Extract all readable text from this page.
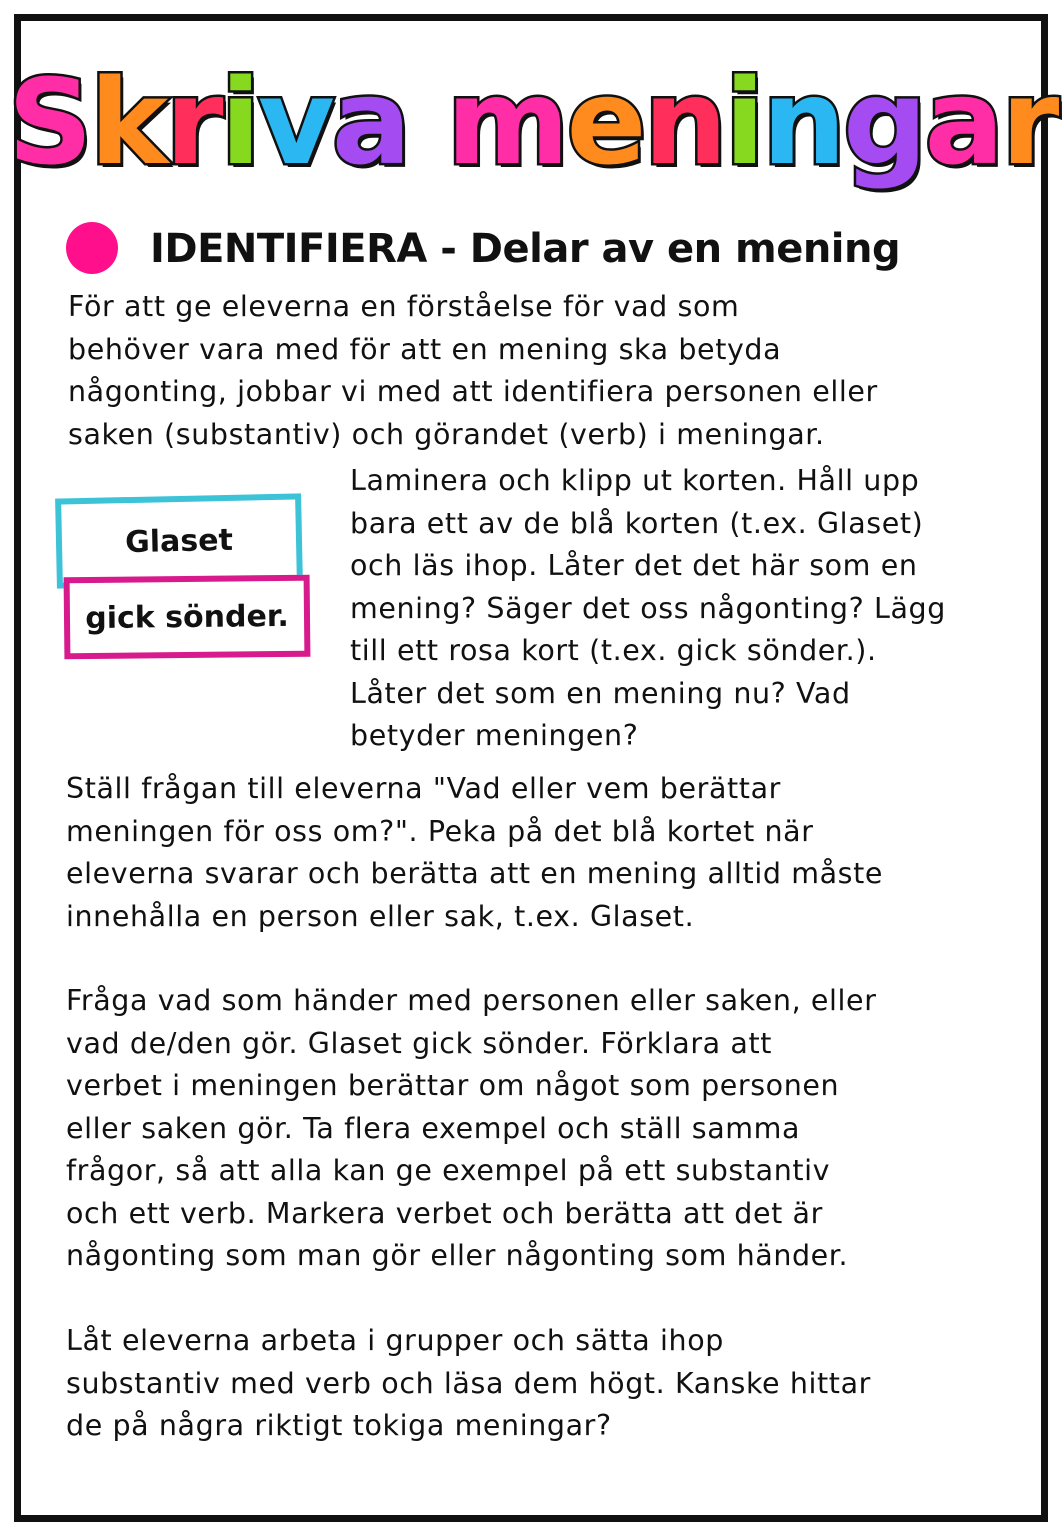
Skriva meningar
IDENTIFIERA - Delar av en mening

För att ge eleverna en förståelse för vad som
behöver vara med för att en mening ska betyda
någonting, jobbar vi med att identifiera personen eller
saken (substantiv) och görandet (verb) i meningar.

Glaset
gick sönder.

Laminera och klipp ut korten. Håll upp
bara ett av de blå korten (t.ex. Glaset)
och läs ihop. Låter det det här som en
mening? Säger det oss någonting? Lägg
till ett rosa kort (t.ex. gick sönder.).
Låter det som en mening nu? Vad
betyder meningen?

Ställ frågan till eleverna "Vad eller vem berättar
meningen för oss om?". Peka på det blå kortet när
eleverna svarar och berätta att en mening alltid måste
innehålla en person eller sak, t.ex. Glaset.

Fråga vad som händer med personen eller saken, eller
vad de/den gör. Glaset gick sönder. Förklara att
verbet i meningen berättar om något som personen
eller saken gör. Ta flera exempel och ställ samma
frågor, så att alla kan ge exempel på ett substantiv
och ett verb. Markera verbet och berätta att det är
någonting som man gör eller någonting som händer.

Låt eleverna arbeta i grupper och sätta ihop
substantiv med verb och läsa dem högt. Kanske hittar
de på några riktigt tokiga meningar?
